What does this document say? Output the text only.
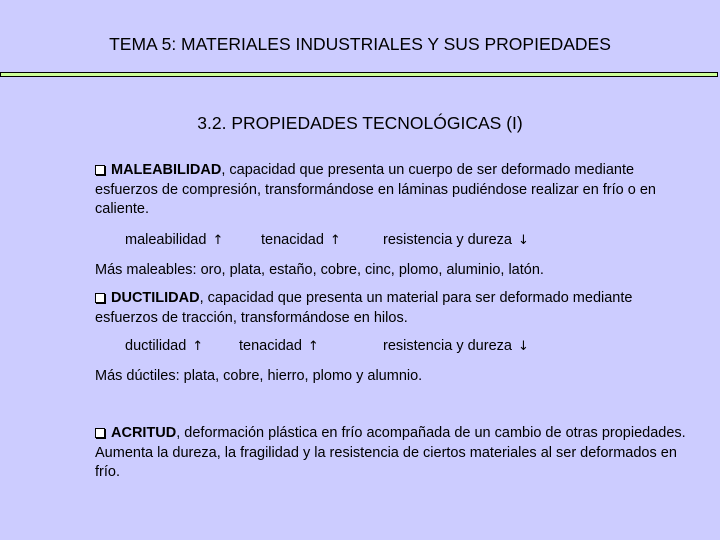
TEMA 5: MATERIALES INDUSTRIALES Y SUS PROPIEDADES
3.2. PROPIEDADES TECNOLÓGICAS (I)
MALEABILIDAD, capacidad que presenta un cuerpo de ser deformado mediante esfuerzos de compresión, transformándose en láminas pudiéndose realizar en frío o en caliente.
maleabilidad ↑	tenacidad ↑	resistencia y dureza ↓
Más maleables: oro, plata, estaño, cobre, cinc, plomo, aluminio, latón.
DUCTILIDAD, capacidad que presenta un material para ser deformado mediante esfuerzos de tracción, transformándose en hilos.
ductilidad ↑ tenacidad ↑	resistencia y dureza ↓
Más dúctiles: plata, cobre, hierro, plomo y alumnio.
ACRITUD, deformación plástica en frío acompañada de un cambio de otras propiedades. Aumenta la dureza, la fragilidad y la resistencia de ciertos materiales al ser deformados en frío.
